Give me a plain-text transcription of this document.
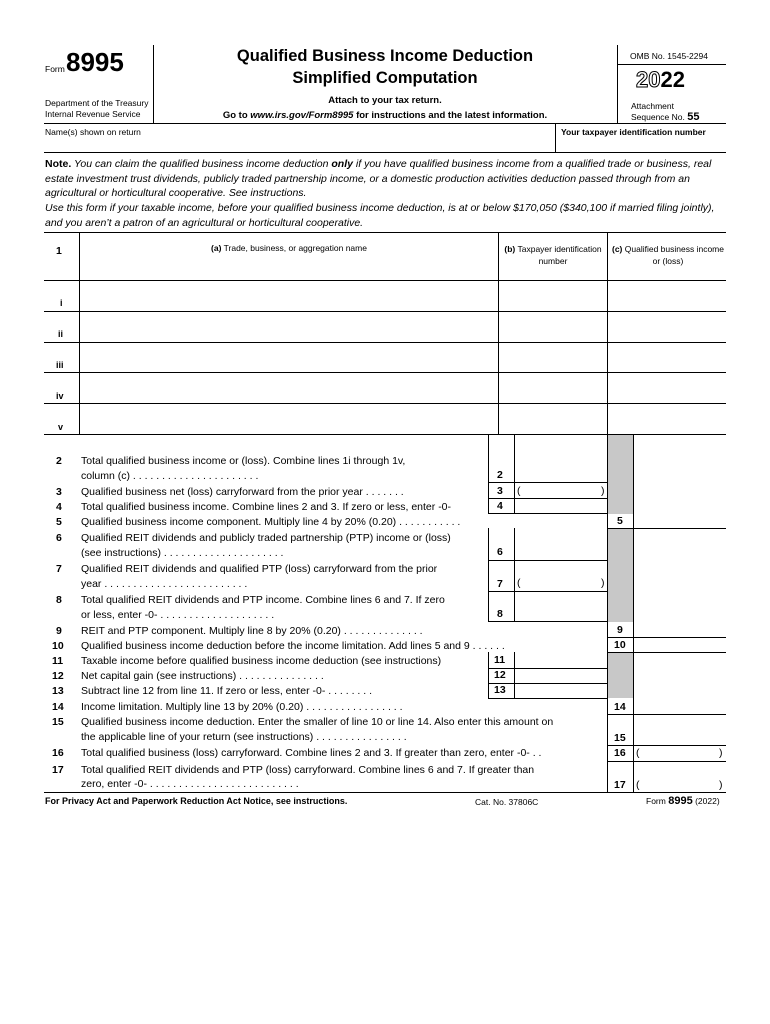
Form 8995
Department of the Treasury
Internal Revenue Service
Qualified Business Income Deduction
Simplified Computation
Attach to your tax return.
Go to www.irs.gov/Form8995 for instructions and the latest information.
OMB No. 1545-2294
2022
Attachment
Sequence No. 55
Name(s) shown on return	Your taxpayer identification number
Note. You can claim the qualified business income deduction only if you have qualified business income from a qualified trade or business, real estate investment trust dividends, publicly traded partnership income, or a domestic production activities deduction passed through from an agricultural or horticultural cooperative. See instructions.
Use this form if your taxable income, before your qualified business income deduction, is at or below $170,050 ($340,100 if married filing jointly), and you aren’t a patron of an agricultural or horticultural cooperative.
1	(a) Trade, business, or aggregation name	(b) Taxpayer identification number
(c) Qualified business income or (loss)
i
ii
iii
iv
v
2 Total qualified business income or (loss). Combine lines 1i through 1v,
column (c) . . . . . . . . . . . . . . . . . . . . . .	2
3 Qualified business net (loss) carryforward from the prior year . . . . . . .	3 (	)
4 Total qualified business income. Combine lines 2 and 3. If zero or less, enter -0-	4
5 Qualified business income component. Multiply line 4 by 20% (0.20) . . . . . . . . . . .	5
6 Qualified REIT dividends and publicly traded partnership (PTP) income or (loss)
(see instructions) . . . . . . . . . . . . . . . . . . . . .	6
7 Qualified REIT dividends and qualified PTP (loss) carryforward from the prior
year . . . . . . . . . . . . . . . . . . . . . . . . .	7 (	)
8 Total qualified REIT dividends and PTP income. Combine lines 6 and 7. If zero
or less, enter -0- . . . . . . . . . . . . . . . . . . . .	8
9 REIT and PTP component. Multiply line 8 by 20% (0.20) . . . . . . . . . . . . . .	9
10 Qualified business income deduction before the income limitation. Add lines 5 and 9 . . . . . .	10
11 Taxable income before qualified business income deduction (see instructions)	11
12 Net capital gain (see instructions) . . . . . . . . . . . . . . .	12
13 Subtract line 12 from line 11. If zero or less, enter -0- . . . . . . . .	13
14 Income limitation. Multiply line 13 by 20% (0.20) . . . . . . . . . . . . . . . . .	14
15 Qualified business income deduction. Enter the smaller of line 10 or line 14. Also enter this amount on
the applicable line of your return (see instructions) . . . . . . . . . . . . . . . .	15
16 Total qualified business (loss) carryforward. Combine lines 2 and 3. If greater than zero, enter -0- . .	16 (	)
17 Total qualified REIT dividends and PTP (loss) carryforward. Combine lines 6 and 7. If greater than
zero, enter -0- . . . . . . . . . . . . . . . . . . . . . . . . . .	17 (	)
For Privacy Act and Paperwork Reduction Act Notice, see instructions.	Cat. No. 37806C	Form 8995 (2022)
